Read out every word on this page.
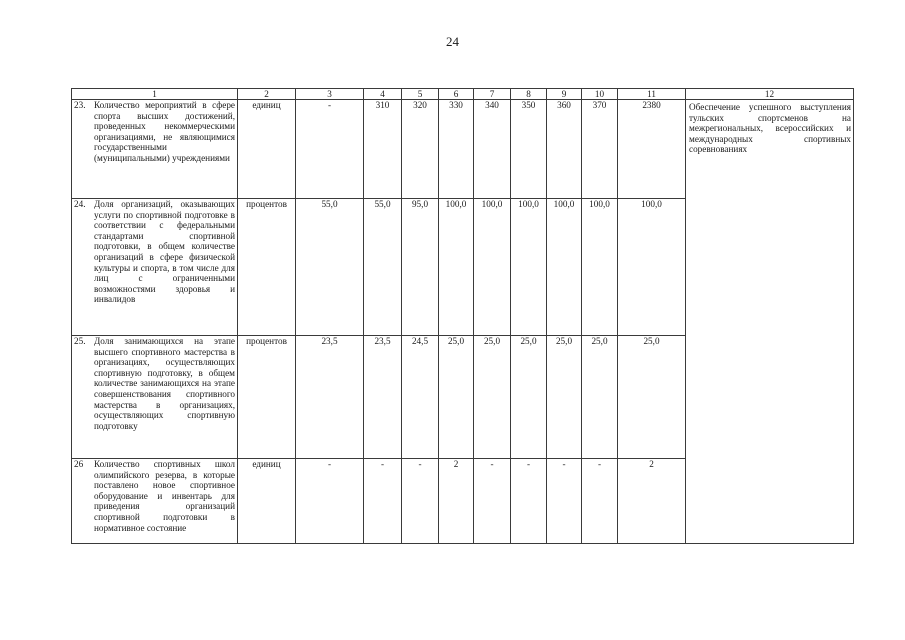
24
1	2	3	4	5	6	7	8	9	10	11	12

23. Количество мероприятий в сфере спорта высших достижений, проведенных некоммерческими организациями, не являющимися государственными (муниципальными) учреждениями	единиц	-	310	320	330	340	350	360	370	2380	Обеспечение успешного выступления тульских спортсменов на межрегиональных, всероссийских и международных спортивных соревнованиях

24. Доля организаций, оказывающих услуги по спортивной подготовке в соответствии с федеральными стандартами спортивной подготовки, в общем количестве организаций в сфере физической культуры и спорта, в том числе для лиц с ограниченными возможностями здоровья и инвалидов	процентов	55,0	55,0	95,0	100,0	100,0	100,0	100,0	100,0	100,0	

25. Доля занимающихся на этапе высшего спортивного мастерства в организациях, осуществляющих спортивную подготовку, в общем количестве занимающихся на этапе совершенствования спортивного мастерства в организациях, осуществляющих спортивную подготовку	процентов	23,5	23,5	24,5	25,0	25,0	25,0	25,0	25,0	25,0	

26 Количество спортивных школ олимпийского резерва, в которые поставлено новое спортивное оборудование и инвентарь для приведения организаций спортивной подготовки в нормативное состояние	единиц	-	-	-	2	-	-	-	-	2	
